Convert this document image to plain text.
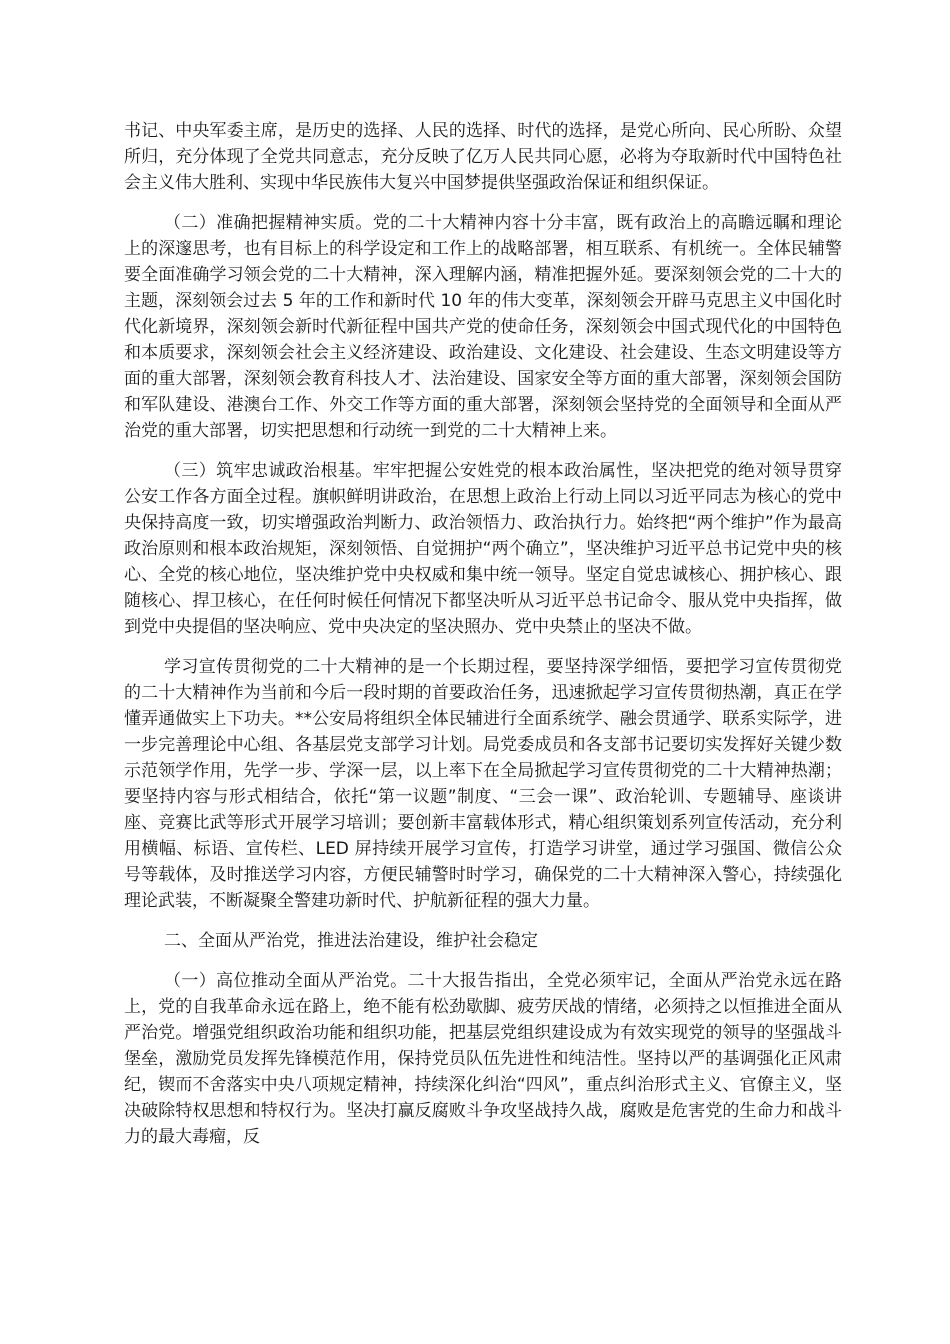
书记、中央军委主席，是历史的选择、人民的选择、时代的选择，是党心所向、民心所盼、众望所归，充分体现了全党共同意志，充分反映了亿万人民共同心愿，必将为夺取新时代中国特色社会主义伟大胜利、实现中华民族伟大复兴中国梦提供坚强政治保证和组织保证。

（二）准确把握精神实质。党的二十大精神内容十分丰富，既有政治上的高瞻远瞩和理论上的深邃思考，也有目标上的科学设定和工作上的战略部署，相互联系、有机统一。全体民辅警要全面准确学习领会党的二十大精神，深入理解内涵，精准把握外延。要深刻领会党的二十大的主题，深刻领会过去 5 年的工作和新时代 10 年的伟大变革，深刻领会开辟马克思主义中国化时代化新境界，深刻领会新时代新征程中国共产党的使命任务，深刻领会中国式现代化的中国特色和本质要求，深刻领会社会主义经济建设、政治建设、文化建设、社会建设、生态文明建设等方面的重大部署，深刻领会教育科技人才、法治建设、国家安全等方面的重大部署，深刻领会国防和军队建设、港澳台工作、外交工作等方面的重大部署，深刻领会坚持党的全面领导和全面从严治党的重大部署，切实把思想和行动统一到党的二十大精神上来。

（三）筑牢忠诚政治根基。牢牢把握公安姓党的根本政治属性，坚决把党的绝对领导贯穿公安工作各方面全过程。旗帜鲜明讲政治，在思想上政治上行动上同以习近平同志为核心的党中央保持高度一致，切实增强政治判断力、政治领悟力、政治执行力。始终把“两个维护”作为最高政治原则和根本政治规矩，深刻领悟、自觉拥护“两个确立”，坚决维护习近平总书记党中央的核心、全党的核心地位，坚决维护党中央权威和集中统一领导。坚定自觉忠诚核心、拥护核心、跟随核心、捍卫核心，在任何时候任何情况下都坚决听从习近平总书记命令、服从党中央指挥，做到党中央提倡的坚决响应、党中央决定的坚决照办、党中央禁止的坚决不做。

学习宣传贯彻党的二十大精神的是一个长期过程，要坚持深学细悟，要把学习宣传贯彻党的二十大精神作为当前和今后一段时期的首要政治任务，迅速掀起学习宣传贯彻热潮，真正在学懂弄通做实上下功夫。**公安局将组织全体民辅进行全面系统学、融会贯通学、联系实际学，进一步完善理论中心组、各基层党支部学习计划。局党委成员和各支部书记要切实发挥好关键少数示范领学作用，先学一步、学深一层，以上率下在全局掀起学习宣传贯彻党的二十大精神热潮；要坚持内容与形式相结合，依托“第一议题”制度、“三会一课”、政治轮训、专题辅导、座谈讲座、竞赛比武等形式开展学习培训；要创新丰富载体形式，精心组织策划系列宣传活动，充分利用横幅、标语、宣传栏、LED 屏持续开展学习宣传，打造学习讲堂，通过学习强国、微信公众号等载体，及时推送学习内容，方便民辅警时时学习，确保党的二十大精神深入警心，持续强化理论武装，不断凝聚全警建功新时代、护航新征程的强大力量。

二、全面从严治党，推进法治建设，维护社会稳定

（一）高位推动全面从严治党。二十大报告指出，全党必须牢记，全面从严治党永远在路上，党的自我革命永远在路上，绝不能有松劲歇脚、疲劳厌战的情绪，必须持之以恒推进全面从严治党。增强党组织政治功能和组织功能，把基层党组织建设成为有效实现党的领导的坚强战斗堡垒，激励党员发挥先锋模范作用，保持党员队伍先进性和纯洁性。坚持以严的基调强化正风肃纪，锲而不舍落实中央八项规定精神，持续深化纠治“四风”，重点纠治形式主义、官僚主义，坚决破除特权思想和特权行为。坚决打赢反腐败斗争攻坚战持久战，腐败是危害党的生命力和战斗力的最大毒瘤，反
